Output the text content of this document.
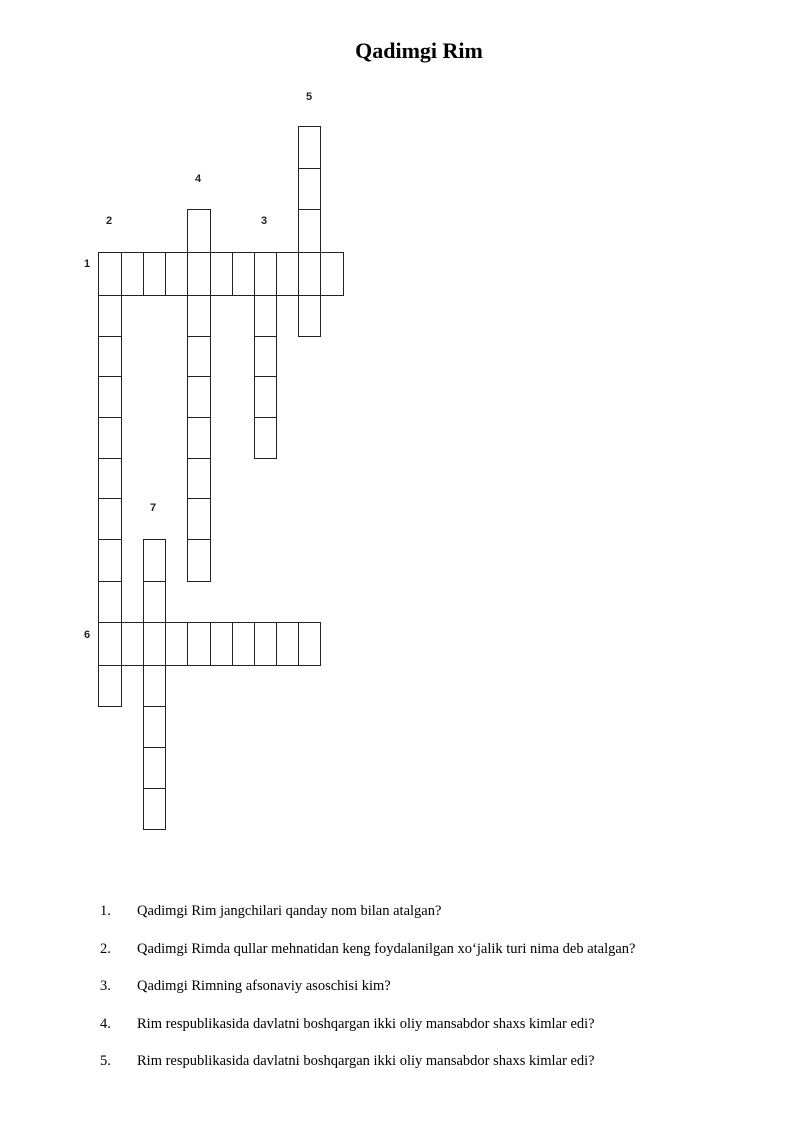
Qadimgi Rim
1
2	3
4
5
6
7
1.	Qadimgi Rim jangchilari qanday nom bilan atalgan?
2.	Qadimgi Rimda qullar mehnatidan keng foydalanilgan xo‘jalik turi nima deb atalgan?
3.	Qadimgi Rimning afsonaviy asoschisi kim?
4.	Rim respublikasida davlatni boshqargan ikki oliy mansabdor shaxs kimlar edi?
5.	Rim respublikasida davlatni boshqargan ikki oliy mansabdor shaxs kimlar edi?
